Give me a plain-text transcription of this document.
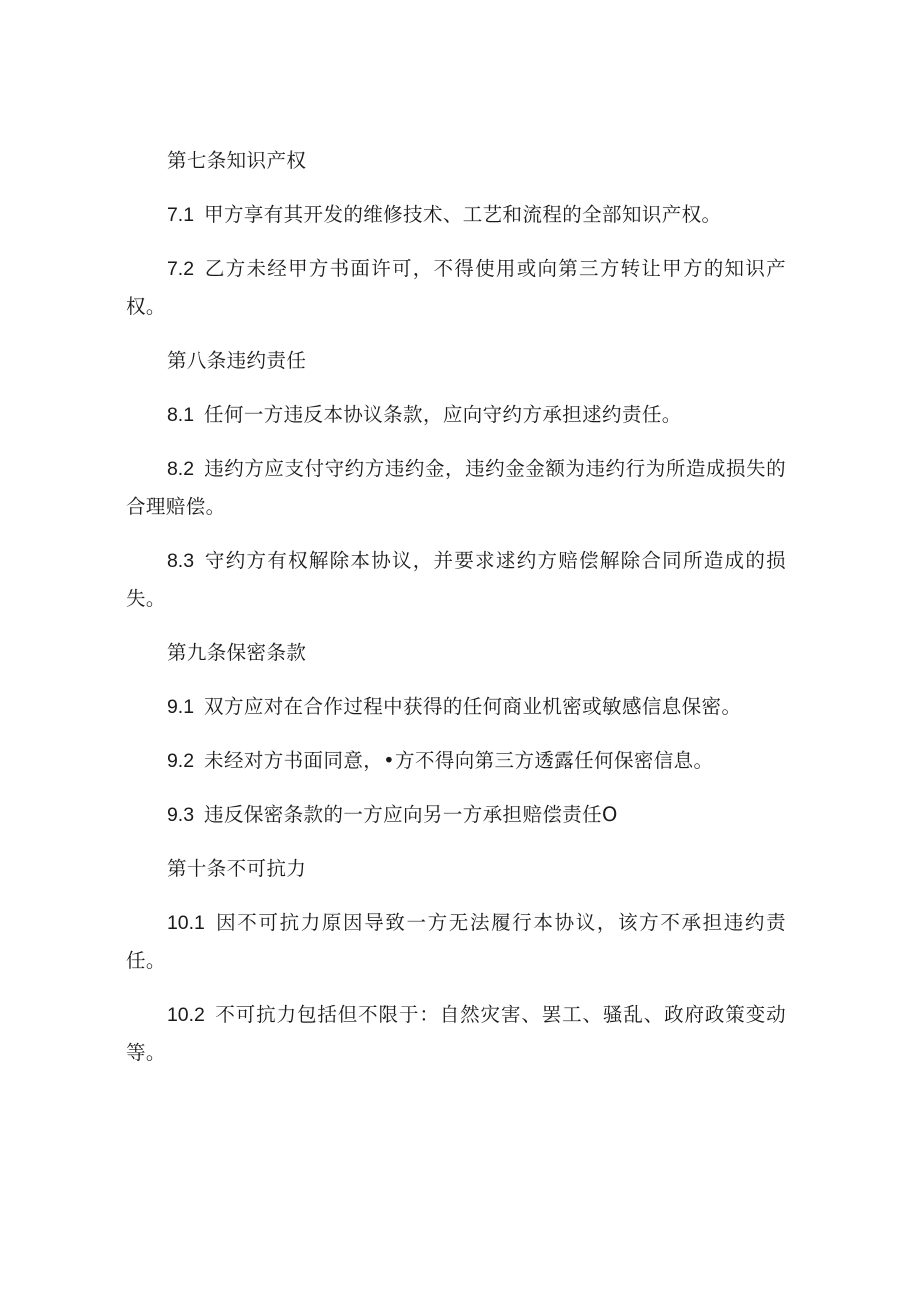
第七条知识产权

7.1 甲方享有其开发的维修技术、工艺和流程的全部知识产权。

7.2 乙方未经甲方书面许可，不得使用或向第三方转让甲方的知识产权。

第八条违约责任

8.1 任何一方违反本协议条款，应向守约方承担逑约责任。

8.2 违约方应支付守约方违约金，违约金金额为违约行为所造成损失的合理赔偿。

8.3 守约方有权解除本协议，并要求逑约方赔偿解除合同所造成的损失。

第九条保密条款

9.1 双方应对在合作过程中获得的任何商业机密或敏感信息保密。

9.2 未经对方书面同意，•方不得向第三方透露任何保密信息。

9.3 违反保密条款的一方应向另一方承担赔偿责任O

第十条不可抗力

10.1 因不可抗力原因导致一方无法履行本协议，该方不承担违约责任。

10.2 不可抗力包括但不限于：自然灾害、罢工、骚乱、政府政策变动等。
